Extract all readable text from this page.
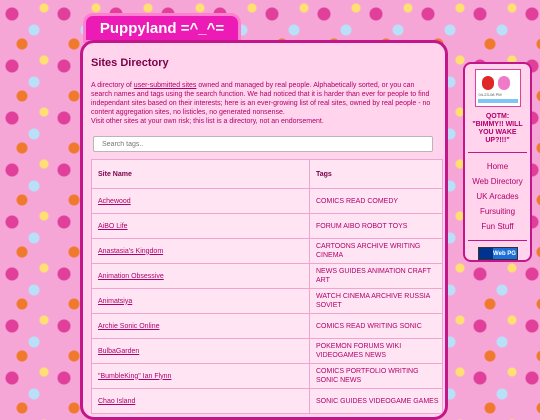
Puppyland =^_^=
Sites Directory

A directory of user-submitted sites owned and managed by real people. Alphabetically sorted, or you can search names and tags using the search function. We had noticed that it is harder than ever for people to find independant sites based on their interests; here is an ever-growing list of real sites, owned by real people - no content aggregation sites, no listicles, no generated nonsense.
Visit other sites at your own risk; this list is a directory, not an endorsement.

Search tags..
Site Name	Tags
Achewood	COMICS READ COMEDY
AiBO Life	FORUM AIBO ROBOT TOYS
Anastasia's Kingdom	CARTOONS ARCHIVE WRITING CINEMA
Animation Obsessive	NEWS GUIDES ANIMATION CRAFT ART
Animatsiya	WATCH CINEMA ARCHIVE RUSSIA SOVIET
Archie Sonic Online	COMICS READ WRITING SONIC
BulbaGarden	POKEMON FORUMS WIKI VIDEOGAMES NEWS
"BumbleKing" Ian Flynn	COMICS PORTFOLIO WRITING SONIC NEWS
Chao Island	SONIC GUIDES VIDEOGAME GAMES
04-23-08 PM
QOTM:
"BIMMY!! WILL YOU WAKE UP?!!!"
Home
Web Directory
UK Arcades
Fursuiting
Fun Stuff
Web PG
